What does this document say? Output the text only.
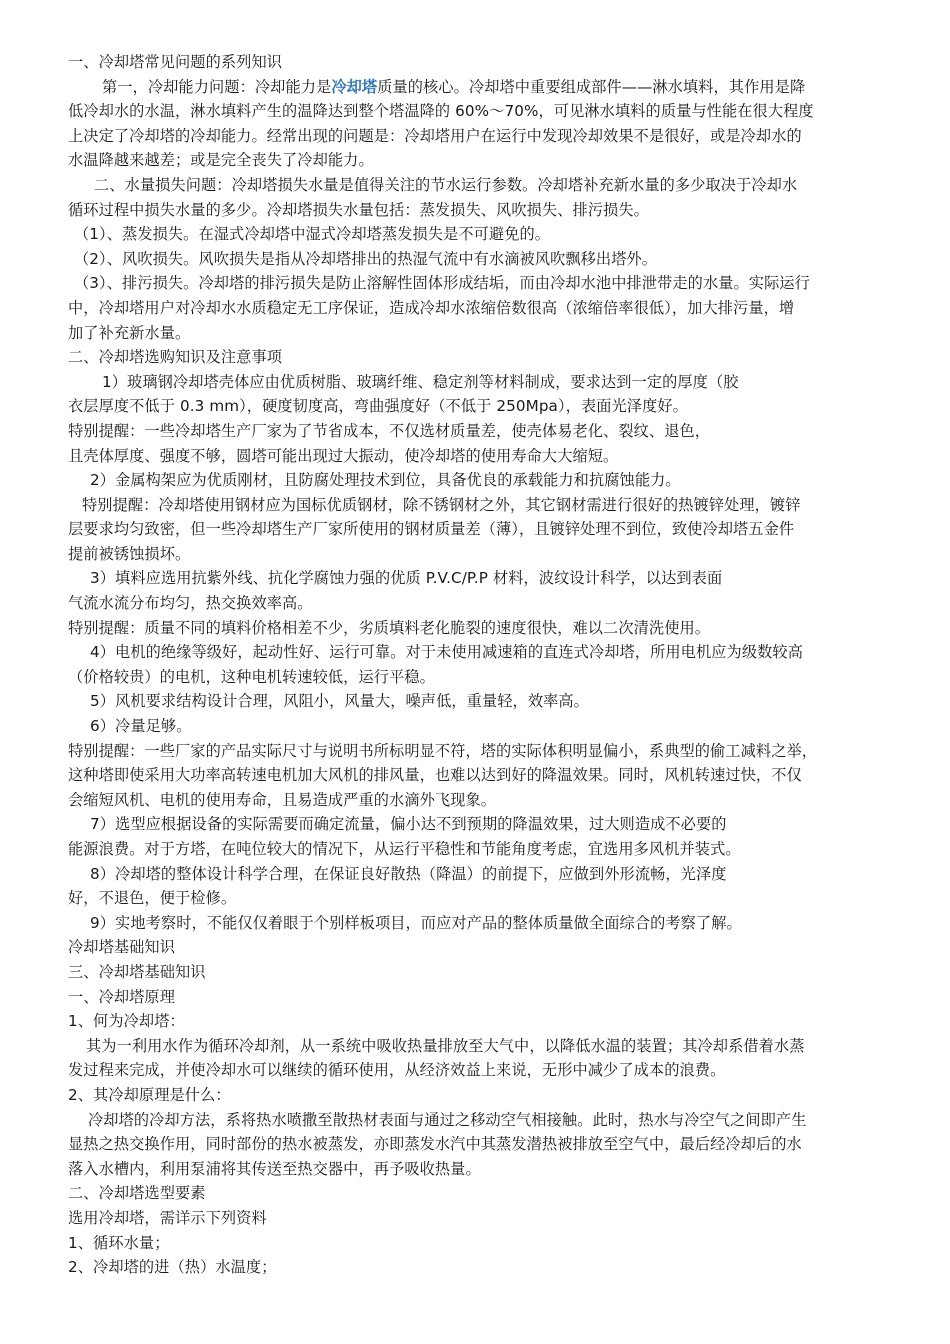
一、冷却塔常见问题的系列知识
第一，冷却能力问题：冷却能力是冷却塔质量的核心。冷却塔中重要组成部件——淋水填料，其作用是降
低冷却水的水温，淋水填料产生的温降达到整个塔温降的 60%～70%，可见淋水填料的质量与性能在很大程度
上决定了冷却塔的冷却能力。经常出现的问题是：冷却塔用户在运行中发现冷却效果不是很好，或是冷却水的
水温降越来越差；或是完全丧失了冷却能力。
二、水量损失问题：冷却塔损失水量是值得关注的节水运行参数。冷却塔补充新水量的多少取决于冷却水
循环过程中损失水量的多少。冷却塔损失水量包括：蒸发损失、风吹损失、排污损失。
（1）、蒸发损失。在湿式冷却塔中湿式冷却塔蒸发损失是不可避免的。
（2）、风吹损失。风吹损失是指从冷却塔排出的热湿气流中有水滴被风吹飘移出塔外。
（3）、排污损失。冷却塔的排污损失是防止溶解性固体形成结垢，而由冷却水池中排泄带走的水量。实际运行
中，冷却塔用户对冷却水水质稳定无工序保证，造成冷却水浓缩倍数很高（浓缩倍率很低），加大排污量，增
加了补充新水量。
二、冷却塔选购知识及注意事项
1）玻璃钢冷却塔壳体应由优质树脂、玻璃纤维、稳定剂等材料制成，要求达到一定的厚度（胶
衣层厚度不低于 0.3 mm），硬度韧度高，弯曲强度好（不低于 250Mpa），表面光泽度好。
特别提醒：一些冷却塔生产厂家为了节省成本，不仅选材质量差，使壳体易老化、裂纹、退色，
且壳体厚度、强度不够，圆塔可能出现过大振动，使冷却塔的使用寿命大大缩短。
2）金属构架应为优质刚材，且防腐处理技术到位，具备优良的承载能力和抗腐蚀能力。
特别提醒：冷却塔使用钢材应为国标优质钢材，除不锈钢材之外，其它钢材需进行很好的热镀锌处理，镀锌
层要求均匀致密，但一些冷却塔生产厂家所使用的钢材质量差（薄），且镀锌处理不到位，致使冷却塔五金件
提前被锈蚀损坏。
3）填料应选用抗紫外线、抗化学腐蚀力强的优质 P.V.C/P.P 材料，波纹设计科学，以达到表面
气流水流分布均匀，热交换效率高。
特别提醒：质量不同的填料价格相差不少，劣质填料老化脆裂的速度很快，难以二次清洗使用。
4）电机的绝缘等级好，起动性好、运行可靠。对于未使用减速箱的直连式冷却塔，所用电机应为级数较高
（价格较贵）的电机，这种电机转速较低，运行平稳。
5）风机要求结构设计合理，风阻小，风量大，噪声低，重量轻，效率高。
6）冷量足够。
特别提醒：一些厂家的产品实际尺寸与说明书所标明显不符，塔的实际体积明显偏小，系典型的偷工减料之举，
这种塔即使采用大功率高转速电机加大风机的排风量，也难以达到好的降温效果。同时，风机转速过快，不仅
会缩短风机、电机的使用寿命，且易造成严重的水滴外飞现象。
7）选型应根据设备的实际需要而确定流量，偏小达不到预期的降温效果，过大则造成不必要的
能源浪费。对于方塔，在吨位较大的情况下，从运行平稳性和节能角度考虑，宜选用多风机并装式。
8）冷却塔的整体设计科学合理，在保证良好散热（降温）的前提下，应做到外形流畅，光泽度
好，不退色，便于检修。
9）实地考察时，不能仅仅着眼于个别样板项目，而应对产品的整体质量做全面综合的考察了解。
冷却塔基础知识
三、冷却塔基础知识
一、冷却塔原理
1、何为冷却塔：
其为一利用水作为循环冷却剂，从一系统中吸收热量排放至大气中，以降低水温的装置；其冷却系借着水蒸
发过程来完成，并使冷却水可以继续的循环使用，从经济效益上来说，无形中减少了成本的浪费。
2、其冷却原理是什么：
冷却塔的冷却方法，系将热水喷撒至散热材表面与通过之移动空气相接触。此时，热水与冷空气之间即产生
显热之热交换作用，同时部份的热水被蒸发，亦即蒸发水汽中其蒸发潜热被排放至空气中，最后经冷却后的水
落入水槽内，利用泵浦将其传送至热交器中，再予吸收热量。
二、冷却塔选型要素
选用冷却塔，需详示下列资料
1、循环水量；
2、冷却塔的进（热）水温度；
